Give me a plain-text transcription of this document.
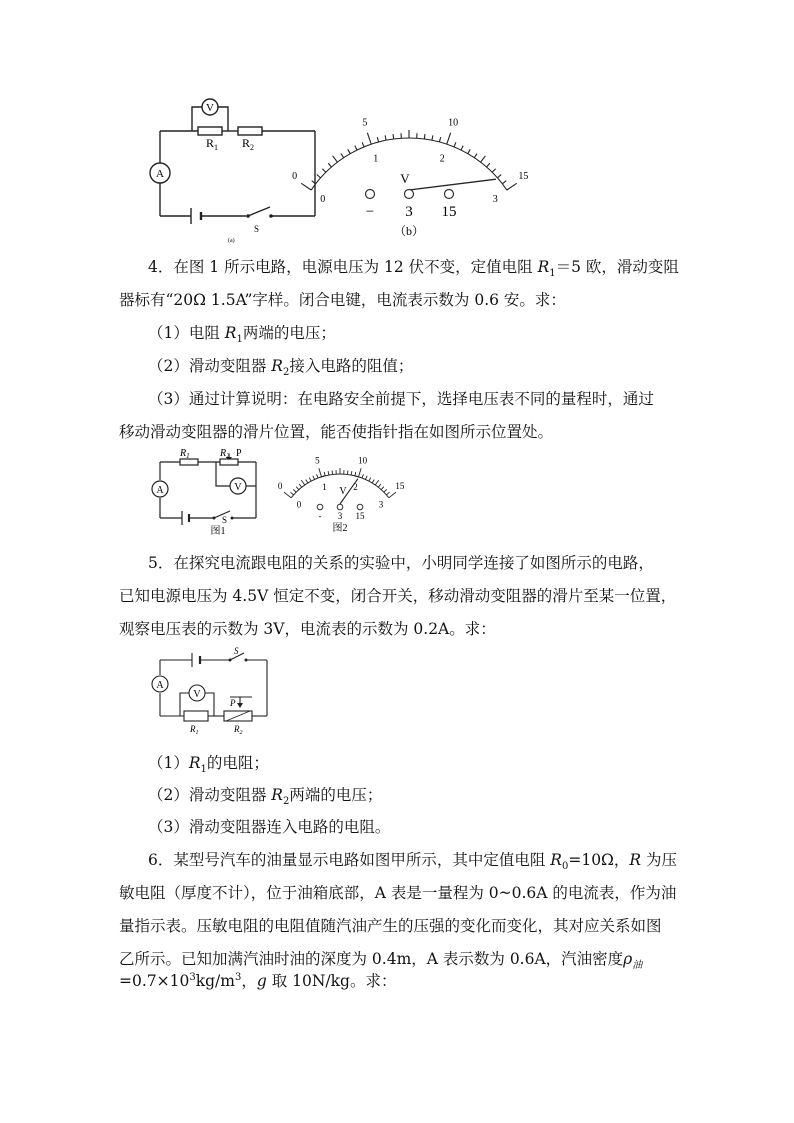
V
A
$R_1$ $R_2$
S
(a)
0
5	10
15
0
1	2
3
V
− 3 15
（b）
4．在图 1 所示电路，电源电压为 12 伏不变，定值电阻 $R_1=5$ 欧，滑动变阻
器标有“20Ω 1.5A”字样。闭合电键，电流表示数为 0.6 安。求：
（1）电阻 $R_1$两端的电压；
（2）滑动变阻器 $R_2$接入电路的阻值；
（3）通过计算说明：在电路安全前提下，选择电压表不同的量程时，通过
移动滑动变阻器的滑片位置，能否使指针指在如图所示位置处。
A	V
$R_1$	$R_2$ P
S
图1
0
5	10
15
0
1	2
3
V
- 3 15
图2
5．在探究电流跟电阻的关系的实验中，小明同学连接了如图所示的电路，
已知电源电压为 4.5V 恒定不变，闭合开关，移动滑动变阻器的滑片至某一位置，
观察电压表的示数为 3V，电流表的示数为 0.2A。求：
A
V
S
P
$R_1$	$R_2$
$(1)R_1$的电阻；
（2）滑动变阻器 $R_2$两端的电压；
（3）滑动变阻器连入电路的电阻。
6．某型号汽车的油量显示电路如图甲所示，其中定值电阻 $R_0=10\Omega$，R 为压
敏电阻（厚度不计），位于油箱底部，A 表是一量程为 0~0.6A 的电流表，作为油
量指示表。压敏电阻的电阻值随汽油产生的压强的变化而变化，其对应关系如图
乙所示。已知加满汽油时油的深度为 0.4m，A 表示数为 0.6A，汽油密度$\rho_油$
$=0.7\times 10^3kg/m^3$，g 取 10N/kg。求：
